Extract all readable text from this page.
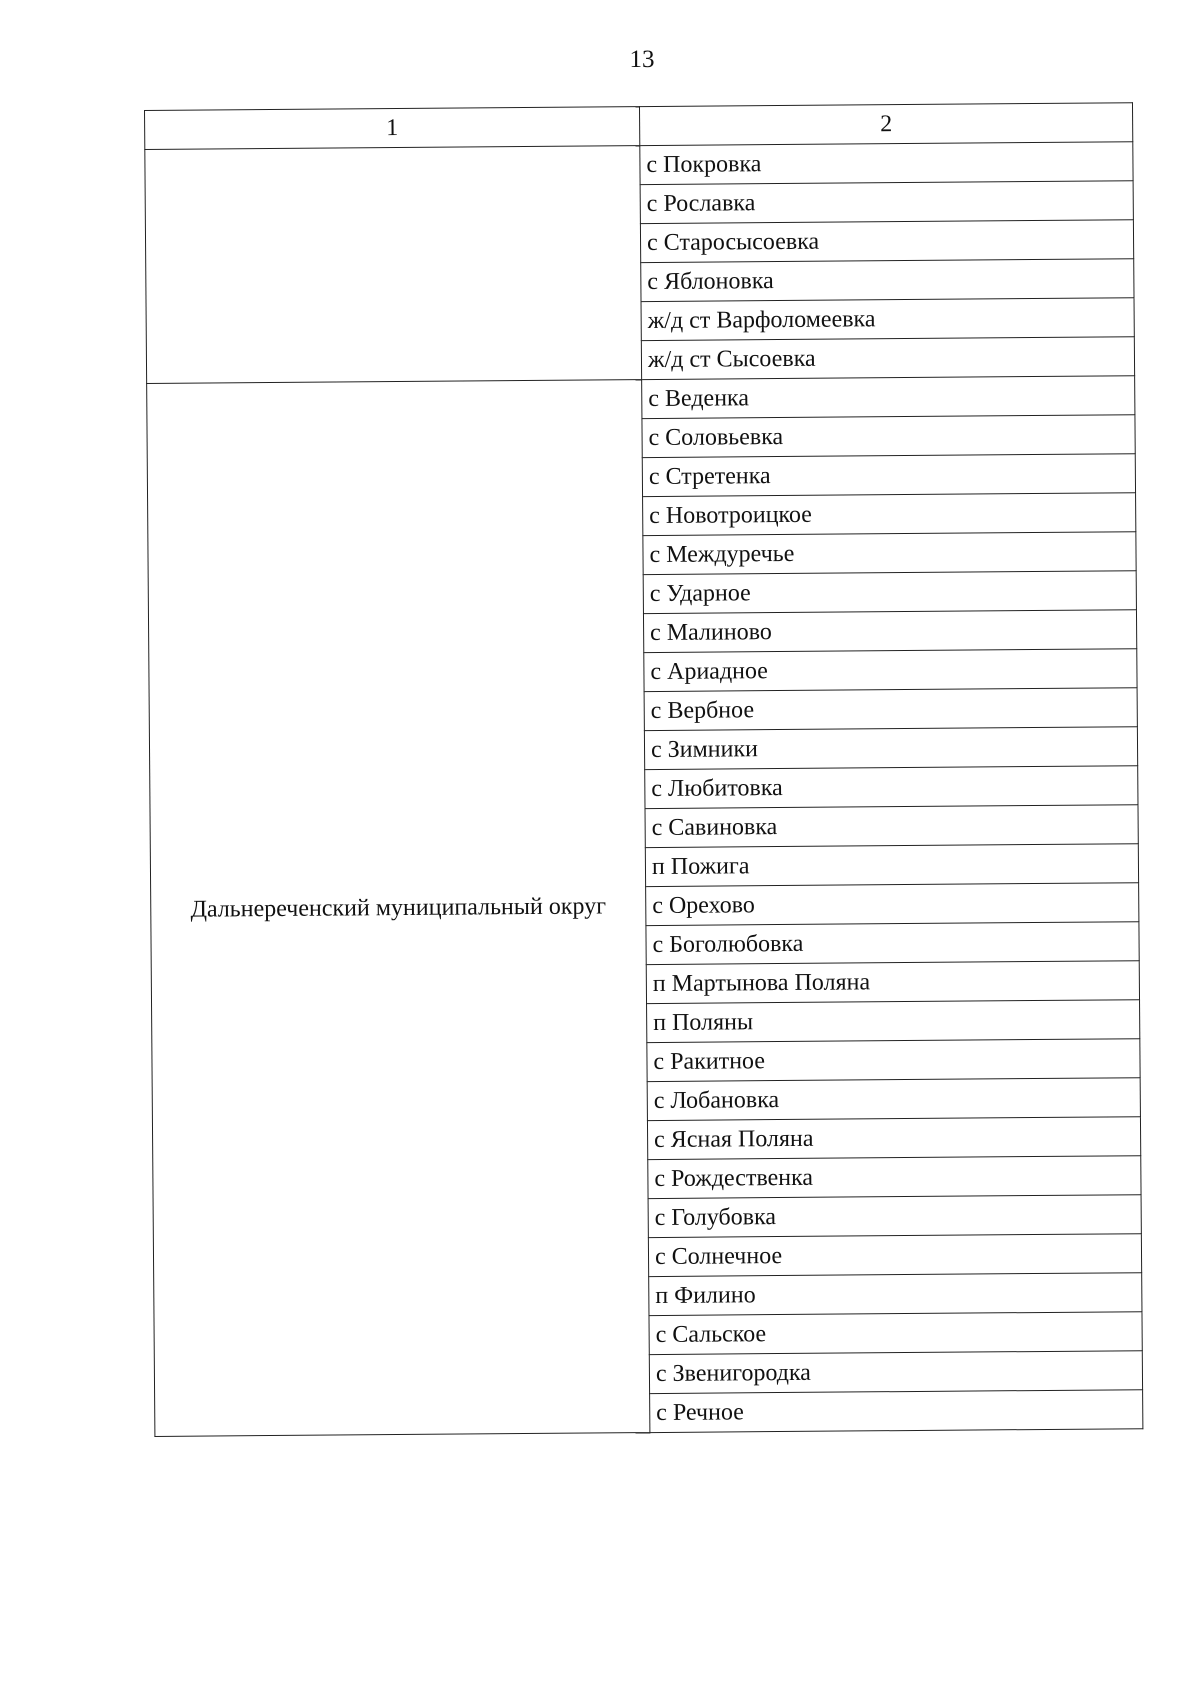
13
1	2
	с Покровка
	с Рославка
	с Старосысоевка
	с Яблоновка
	ж/д ст Варфоломеевка
	ж/д ст Сысоевка
Дальнереченский муниципальный округ	с Веденка
	с Соловьевка
	с Стретенка
	с Новотроицкое
	с Междуречье
	с Ударное
	с Малиново
	с Ариадное
	с Вербное
	с Зимники
	с Любитовка
	с Савиновка
	п Пожига
	с Орехово
	с Боголюбовка
	п Мартынова Поляна
	п Поляны
	с Ракитное
	с Лобановка
	с Ясная Поляна
	с Рождественка
	с Голубовка
	с Солнечное
	п Филино
	с Сальское
	с Звенигородка
	с Речное
